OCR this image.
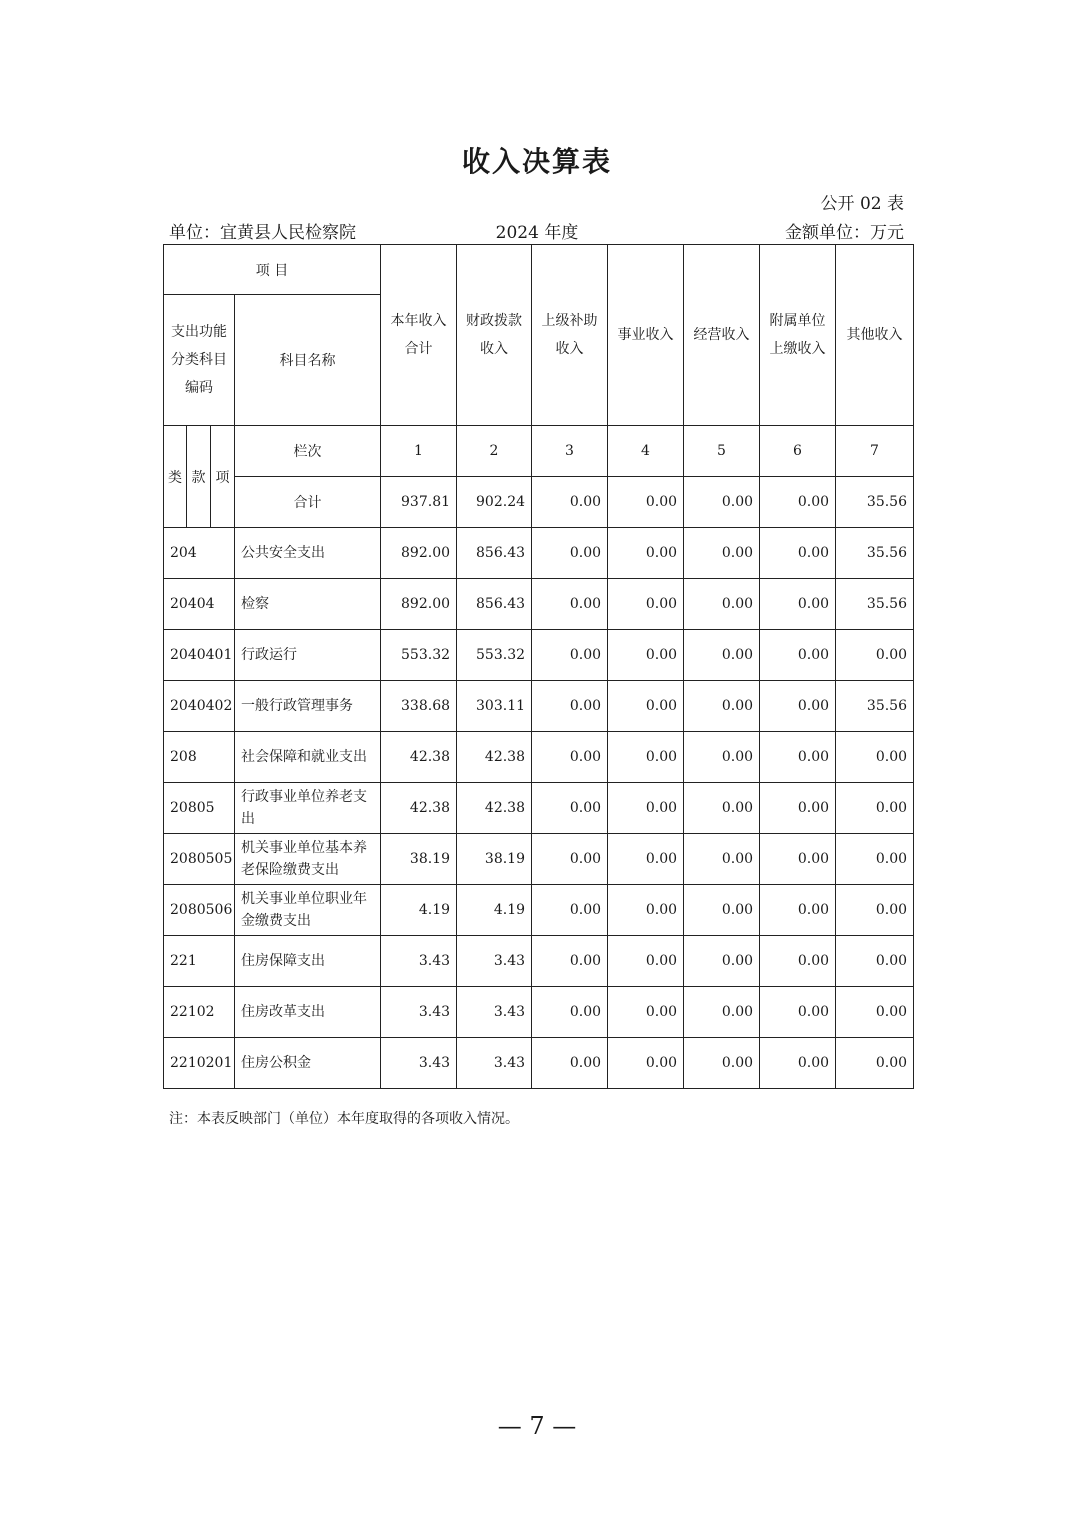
收入决算表
公开 02 表
单位：宜黄县人民检察院	2024 年度	金额单位：万元
项 目				本年收入合计	财政拨款收入	上级补助收入	事业收入	经营收入	附属单位上缴收入	其他收入
支出功能分类科目编码			科目名称							
类	款	项	栏次	1	2	3	4	5	6	7
			合计	937.81	902.24	0.00	0.00	0.00	0.00	35.56
204			公共安全支出	892.00	856.43	0.00	0.00	0.00	0.00	35.56
20404			检察	892.00	856.43	0.00	0.00	0.00	0.00	35.56
2040401			行政运行	553.32	553.32	0.00	0.00	0.00	0.00	0.00
2040402			一般行政管理事务	338.68	303.11	0.00	0.00	0.00	0.00	35.56
208			社会保障和就业支出	42.38	42.38	0.00	0.00	0.00	0.00	0.00
20805			行政事业单位养老支出	42.38	42.38	0.00	0.00	0.00	0.00	0.00
2080505			机关事业单位基本养老保险缴费支出	38.19	38.19	0.00	0.00	0.00	0.00	0.00
2080506			机关事业单位职业年金缴费支出	4.19	4.19	0.00	0.00	0.00	0.00	0.00
221			住房保障支出	3.43	3.43	0.00	0.00	0.00	0.00	0.00
22102			住房改革支出	3.43	3.43	0.00	0.00	0.00	0.00	0.00
2210201			住房公积金	3.43	3.43	0.00	0.00	0.00	0.00	0.00
注：本表反映部门（单位）本年度取得的各项收入情况。
— 7 —
